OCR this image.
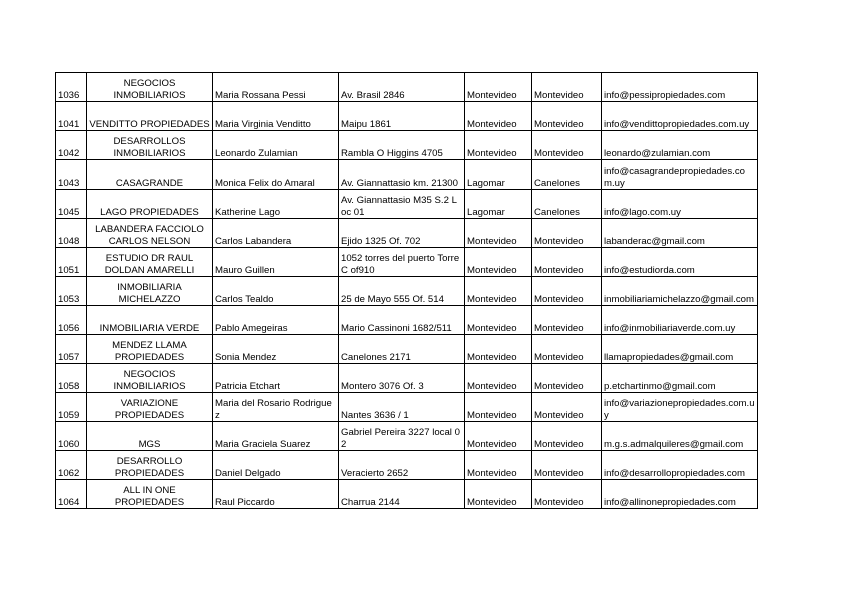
1036	NEGOCIOS INMOBILIARIOS	Maria Rossana Pessi	Av. Brasil 2846	Montevideo	Montevideo	info@pessipropiedades.com
1041	VENDITTO PROPIEDADES	Maria Virginia Venditto	Maipu 1861	Montevideo	Montevideo	info@vendittopropiedades.com.uy
1042	DESARROLLOS INMOBILIARIOS	Leonardo Zulamian	Rambla O Higgins 4705	Montevideo	Montevideo	leonardo@zulamian.com
1043	CASAGRANDE	Monica Felix do Amaral	Av. Giannattasio km. 21300	Lagomar	Canelones	info@casagrandepropiedades.com.uy
1045	LAGO PROPIEDADES	Katherine Lago	Av. Giannattasio M35 S.2 Loc 01	Lagomar	Canelones	info@lago.com.uy
1048	LABANDERA FACCIOLO CARLOS NELSON	Carlos Labandera	Ejido 1325 Of. 702	Montevideo	Montevideo	labanderac@gmail.com
1051	ESTUDIO DR RAUL DOLDAN AMARELLI	Mauro Guillen	1052 torres del puerto Torre C of910	Montevideo	Montevideo	info@estudiorda.com
1053	INMOBILIARIA MICHELAZZO	Carlos Tealdo	25 de Mayo 555 Of. 514	Montevideo	Montevideo	inmobiliariamichelazzo@gmail.com
1056	INMOBILIARIA VERDE	Pablo Amegeiras	Mario Cassinoni 1682/511	Montevideo	Montevideo	info@inmobiliariaverde.com.uy
1057	MENDEZ LLAMA PROPIEDADES	Sonia Mendez	Canelones 2171	Montevideo	Montevideo	llamapropiedades@gmail.com
1058	NEGOCIOS INMOBILIARIOS	Patricia Etchart	Montero 3076 Of. 3	Montevideo	Montevideo	p.etchartinmo@gmail.com
1059	VARIAZIONE PROPIEDADES	Maria del Rosario Rodriguez	Nantes 3636 / 1	Montevideo	Montevideo	info@variazionepropiedades.com.uy
1060	MGS	Maria Graciela Suarez	Gabriel Pereira 3227 local 02	Montevideo	Montevideo	m.g.s.admalquileres@gmail.com
1062	DESARROLLO PROPIEDADES	Daniel Delgado	Veracierto 2652	Montevideo	Montevideo	info@desarrollopropiedades.com
1064	ALL IN ONE PROPIEDADES	Raul Piccardo	Charrua 2144	Montevideo	Montevideo	info@allinonepropiedades.com
